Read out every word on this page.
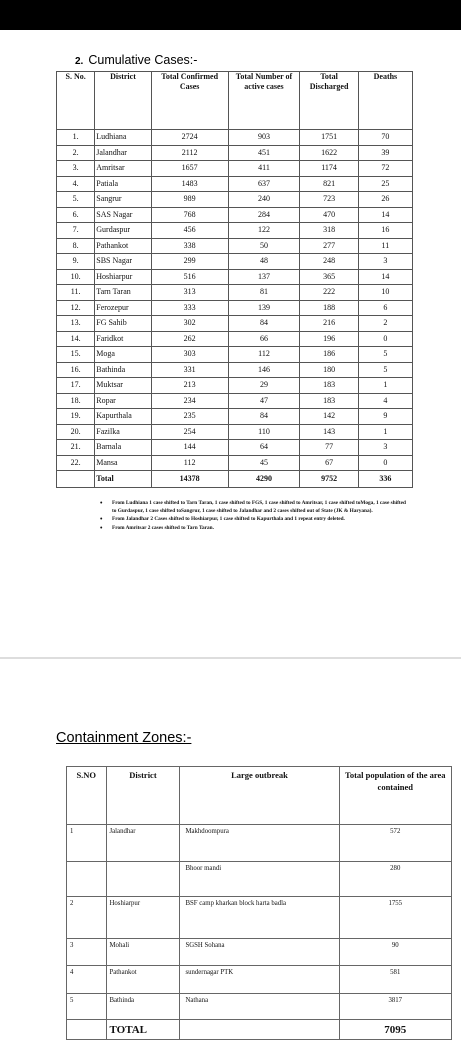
2. Cumulative Cases:-
S. No.	District	Total Confirmed Cases	Total Number of active cases	Total Discharged	Deaths
1.	Ludhiana	2724	903	1751	70
2.	Jalandhar	2112	451	1622	39
3.	Amritsar	1657	411	1174	72
4.	Patiala	1483	637	821	25
5.	Sangrur	989	240	723	26
6.	SAS Nagar	768	284	470	14
7.	Gurdaspur	456	122	318	16
8.	Pathankot	338	50	277	11
9.	SBS Nagar	299	48	248	3
10.	Hoshiarpur	516	137	365	14
11.	Tarn Taran	313	81	222	10
12.	Ferozepur	333	139	188	6
13.	FG Sahib	302	84	216	2
14.	Faridkot	262	66	196	0
15.	Moga	303	112	186	5
16.	Bathinda	331	146	180	5
17.	Muktsar	213	29	183	1
18.	Ropar	234	47	183	4
19.	Kapurthala	235	84	142	9
20.	Fazilka	254	110	143	1
21.	Barnala	144	64	77	3
22.	Mansa	112	45	67	0
	Total	14378	4290	9752	336
• From Ludhiana 1 case shifted to Tarn Taran, 1 case shifted to FGS, 1 case shifted to Amritsar, 1 case shifted toMoga, 1 case shifted to Gurdaspur, 1 case shifted toSangrur, 1 case shifted to Jalandhar and 2 cases shifted out of State (JK & Haryana).
• From Jalandhar 2 Cases shifted to Hoshiarpur, 1 case shifted to Kapurthala and 1 repeat entry deleted.
• From Amritsar 2 cases shifted to Tarn Taran.
Containment Zones:-
S.NO	District	Large outbreak	Total population of the area contained
1	Jalandhar	Makhdoompura	572
		Bhoor mandi	280
2	Hoshiarpur	BSF camp kharkan block harta badla	1755
3	Mohali	SGSH Sohana	90
4	Pathankot	sundernagar PTK	581
5	Bathinda	Nathana	3817
	TOTAL		7095
